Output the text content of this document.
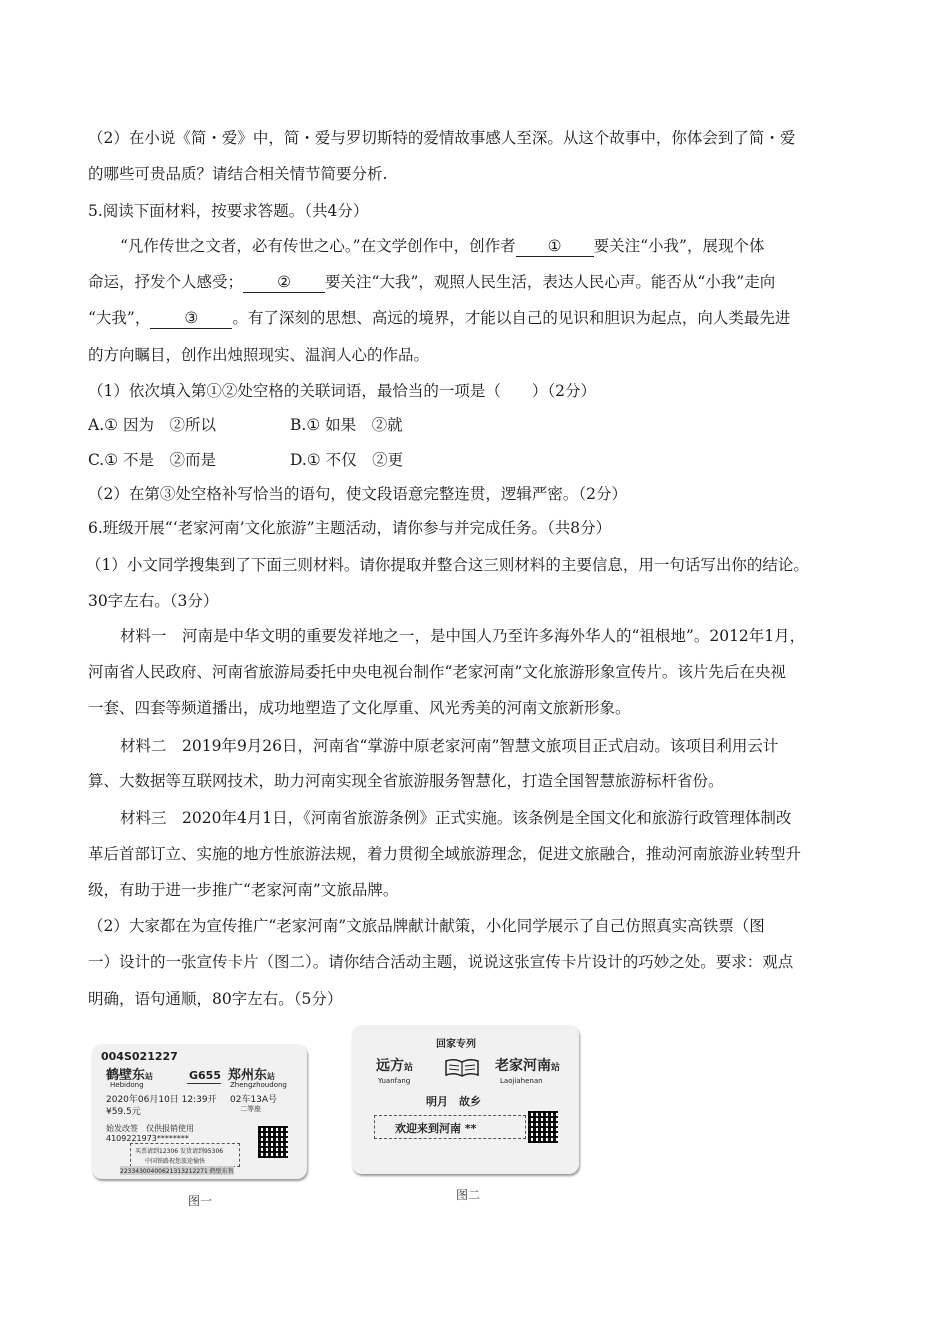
（2）在小说《简・爱》中，简・爱与罗切斯特的爱情故事感人至深。从这个故事中，你体会到了简・爱
的哪些可贵品质？请结合相关情节简要分析.
5.阅读下面材料，按要求答题。（共4分）
“凡作传世之文者，必有传世之心。”在文学创作中，创作者 ① 要关注“小我”，展现个体
命运，抒发个人感受； ② 要关注“大我”，观照人民生活，表达人民心声。能否从“小我”走向
“大我”， ③ 。有了深刻的思想、高远的境界，才能以自己的见识和胆识为起点，向人类最先进
的方向瞩目，创作出烛照现实、温润人心的作品。
（1）依次填入第①②处空格的关联词语，最恰当的一项是（　　）（2分）
A.① 因为　②所以	B.① 如果　②就
C.① 不是　②而是	D.① 不仅　②更
（2）在第③处空格补写恰当的语句，使文段语意完整连贯，逻辑严密。（2分）
6.班级开展“‘老家河南’文化旅游”主题活动，请你参与并完成任务。（共8分）
（1）小文同学搜集到了下面三则材料。请你提取并整合这三则材料的主要信息，用一句话写出你的结论。
30字左右。（3分）
材料一　河南是中华文明的重要发祥地之一，是中国人乃至许多海外华人的“祖根地”。2012年1月，
河南省人民政府、河南省旅游局委托中央电视台制作“老家河南”文化旅游形象宣传片。该片先后在央视
一套、四套等频道播出，成功地塑造了文化厚重、风光秀美的河南文旅新形象。
材料二　2019年9月26日，河南省“掌游中原老家河南”智慧文旅项目正式启动。该项目利用云计
算、大数据等互联网技术，助力河南实现全省旅游服务智慧化，打造全国智慧旅游标杆省份。
材料三　2020年4月1日，《河南省旅游条例》正式实施。该条例是全国文化和旅游行政管理体制改
革后首部订立、实施的地方性旅游法规，着力贯彻全域旅游理念，促进文旅融合，推动河南旅游业转型升
级，有助于进一步推广“老家河南”文旅品牌。
（2）大家都在为宣传推广“老家河南”文旅品牌献计献策，小化同学展示了自己仿照真实高铁票（图
一）设计的一张宣传卡片（图二）。请你结合活动主题，说说这张宣传卡片设计的巧妙之处。要求：观点
明确，语句通顺，80字左右。（5分）
004S021227
鹤壁东站
Hebidong
G655 郑州东站
Zhengzhoudong
2020年06月10日 12:39开 02车13A号
¥59.5元	二等座
始发改签　仅供报销使用
4109221973********
买票请到12306 发货请到95306
中国铁路祝您旅途愉快
22334300400621313212271 鹤壁东售
图一
回家专列
远方站
Yuanfang
老家河南站
Laojiahenan
明月　故乡
欢迎来到河南 **
图二
